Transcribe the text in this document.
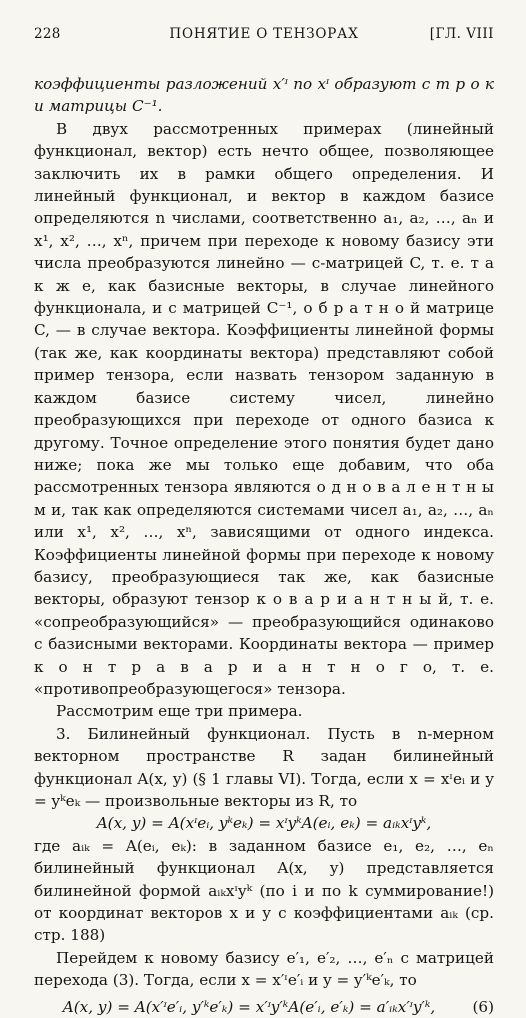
228	ПОНЯТИЕ О ТЕНЗОРАХ	[ГЛ. VIII

коэффициенты разложений x′ᶦ по xᶦ образуют с т р о к и матрицы C⁻¹.

В двух рассмотренных примерах (линейный функционал, вектор) есть нечто общее, позволяющее заключить их в рамки общего определения. И линейный функционал, и вектор в каждом базисе определяются n числами, соответственно a₁, a₂, …, aₙ и x¹, x², …, xⁿ, причем при переходе к новому базису эти числа преобразуются линейно — с-матрицей C, т. е. т а к ж е, как базисные векторы, в случае линейного функционала, и с матрицей C⁻¹, о б р а т н о й матрице C, — в случае вектора. Коэффициенты линейной формы (так же, как координаты вектора) представляют собой пример тензора, если назвать тензором заданную в каждом базисе систему чисел, линейно преобразующихся при переходе от одного базиса к другому. Точное определение этого понятия будет дано ниже; пока же мы только еще добавим, что оба рассмотренных тензора являются о д н о в а л е н т н ы м и, так как определяются системами чисел a₁, a₂, …, aₙ или x¹, x², …, xⁿ, зависящими от одного индекса. Коэффициенты линейной формы при переходе к новому базису, преобразующиеся так же, как базисные векторы, образуют тензор к о в а р и а н т н ы й, т. е. «сопреобразующийся» — преобразующийся одинаково с базисными векторами. Координаты вектора — пример к о н т р а в а р и а н т н о г о, т. е. «противопреобразующегося» тензора.

Рассмотрим еще три примера.

3. Билинейный функционал. Пусть в n-мерном векторном пространстве R задан билинейный функционал A(x, y) (§ 1 главы VI). Тогда, если x = xᶦeᵢ и y = yᵏeₖ — произвольные векторы из R, то

A(x, y) = A(xᶦeᵢ, yᵏeₖ) = xᶦyᵏA(eᵢ, eₖ) = aᵢₖxᶦyᵏ,

где aᵢₖ = A(eᵢ, eₖ): в заданном базисе e₁, e₂, …, eₙ билинейный функционал A(x, y) представляется билинейной формой aᵢₖxᶦyᵏ (по i и по k суммирование!) от координат векторов x и y с коэффициентами aᵢₖ (ср. стр. 188)

Перейдем к новому базису e′₁, e′₂, …, e′ₙ с матрицей перехода (3). Тогда, если x = x′ᶦe′ᵢ и y = y′ᵏe′ₖ, то

A(x, y) = A(x′ᶦe′ᵢ, y′ᵏe′ₖ) = x′ᶦy′ᵏA(e′ᵢ, e′ₖ) = a′ᵢₖx′ᶦy′ᵏ, (6)
